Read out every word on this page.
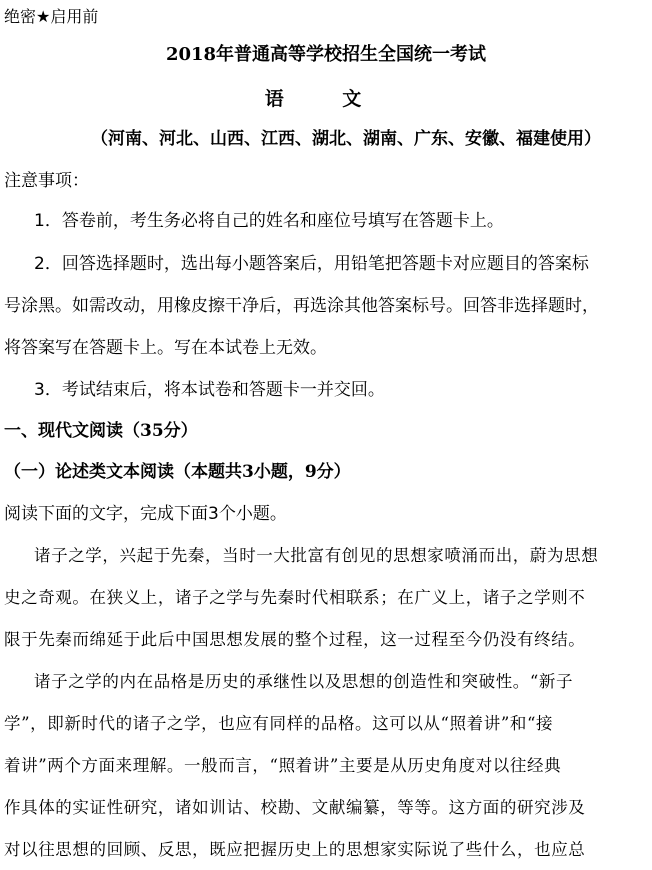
绝密★启用前
2018年普通高等学校招生全国统一考试
语 文
（河南、河北、山西、江西、湖北、湖南、广东、安徽、福建使用）
注意事项：
1．答卷前，考生务必将自己的姓名和座位号填写在答题卡上。
2．回答选择题时，选出每小题答案后，用铅笔把答题卡对应题目的答案标
号涂黑。如需改动，用橡皮擦干净后，再选涂其他答案标号。回答非选择题时，
将答案写在答题卡上。写在本试卷上无效。
3．考试结束后，将本试卷和答题卡一并交回。
一、现代文阅读（35分）
（一）论述类文本阅读（本题共3小题，9分）
阅读下面的文字，完成下面3个小题。
诸子之学，兴起于先秦，当时一大批富有创见的思想家喷涌而出，蔚为思想
史之奇观。在狭义上，诸子之学与先秦时代相联系；在广义上，诸子之学则不
限于先秦而绵延于此后中国思想发展的整个过程，这一过程至今仍没有终结。
诸子之学的内在品格是历史的承继性以及思想的创造性和突破性。“新子
学”，即新时代的诸子之学，也应有同样的品格。这可以从“照着讲”和“接
着讲”两个方面来理解。一般而言，“照着讲”主要是从历史角度对以往经典
作具体的实证性研究，诸如训诂、校勘、文献编纂，等等。这方面的研究涉及
对以往思想的回顾、反思，既应把握历史上的思想家实际说了些什么，也应总
